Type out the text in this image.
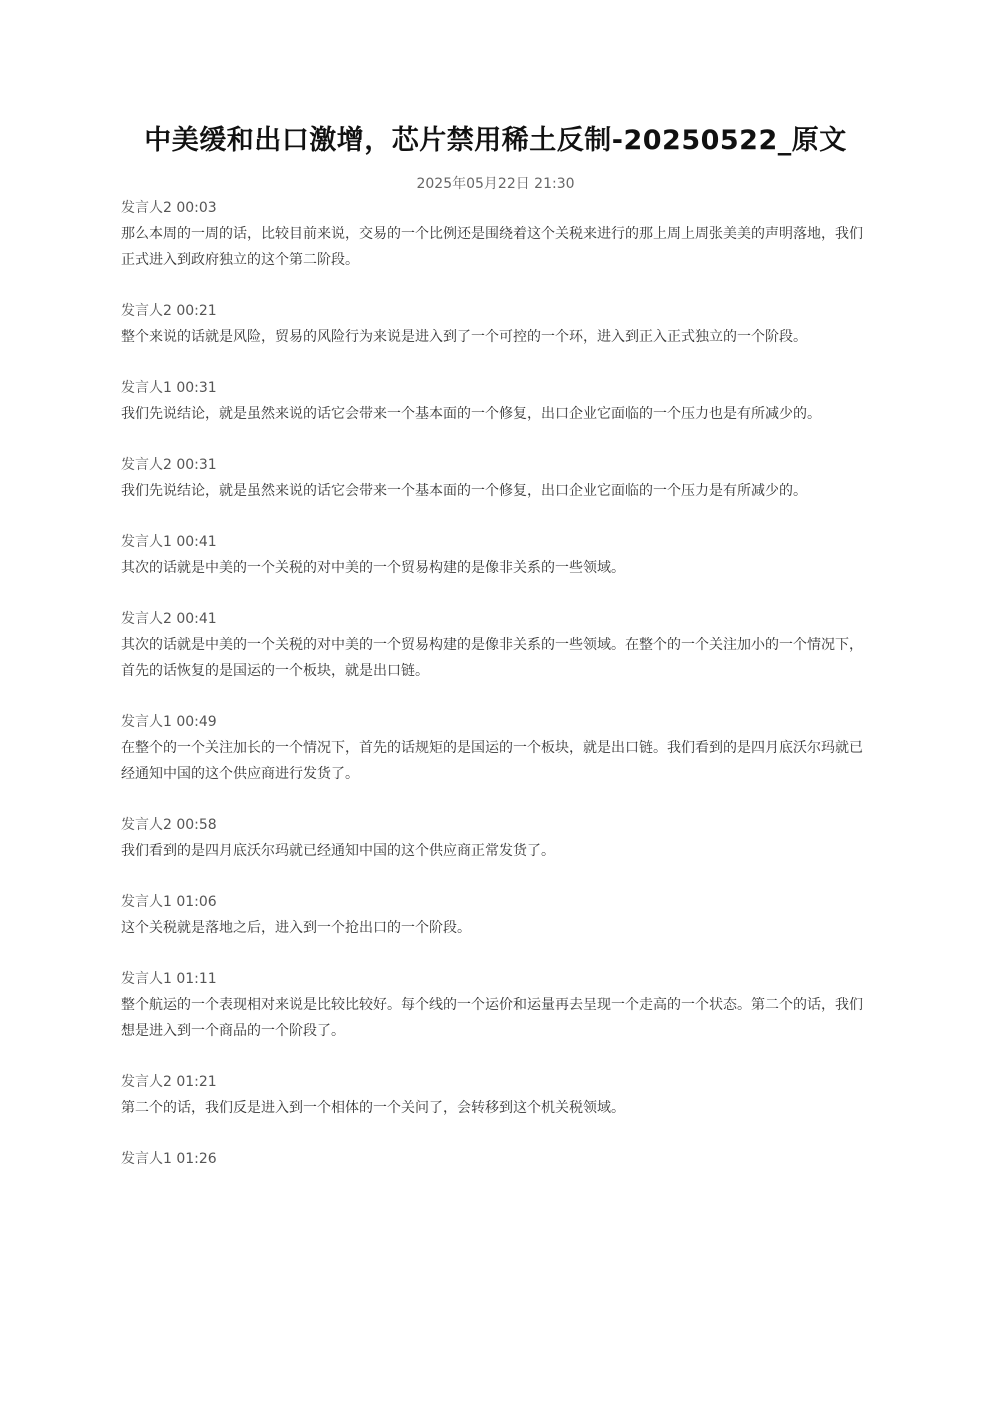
中美缓和出口激增，芯片禁用稀土反制-20250522_原文
2025年05月22日 21:30
发言人2 00:03

那么本周的一周的话，比较目前来说，交易的一个比例还是围绕着这个关税来进行的那上周上周张美美的声明落地，我们正式进入到政府独立的这个第二阶段。

发言人2 00:21

整个来说的话就是风险，贸易的风险行为来说是进入到了一个可控的一个环，进入到正入正式独立的一个阶段。

发言人1 00:31

我们先说结论，就是虽然来说的话它会带来一个基本面的一个修复，出口企业它面临的一个压力也是有所减少的。

发言人2 00:31

我们先说结论，就是虽然来说的话它会带来一个基本面的一个修复，出口企业它面临的一个压力是有所减少的。

发言人1 00:41

其次的话就是中美的一个关税的对中美的一个贸易构建的是像非关系的一些领域。

发言人2 00:41

其次的话就是中美的一个关税的对中美的一个贸易构建的是像非关系的一些领域。在整个的一个关注加小的一个情况下，首先的话恢复的是国运的一个板块，就是出口链。

发言人1 00:49

在整个的一个关注加长的一个情况下，首先的话规矩的是国运的一个板块，就是出口链。我们看到的是四月底沃尔玛就已经通知中国的这个供应商进行发货了。

发言人2 00:58

我们看到的是四月底沃尔玛就已经通知中国的这个供应商正常发货了。

发言人1 01:06

这个关税就是落地之后，进入到一个抢出口的一个阶段。

发言人1 01:11

整个航运的一个表现相对来说是比较比较好。每个线的一个运价和运量再去呈现一个走高的一个状态。第二个的话，我们想是进入到一个商品的一个阶段了。

发言人2 01:21

第二个的话，我们反是进入到一个相体的一个关问了，会转移到这个机关税领域。

发言人1 01:26
